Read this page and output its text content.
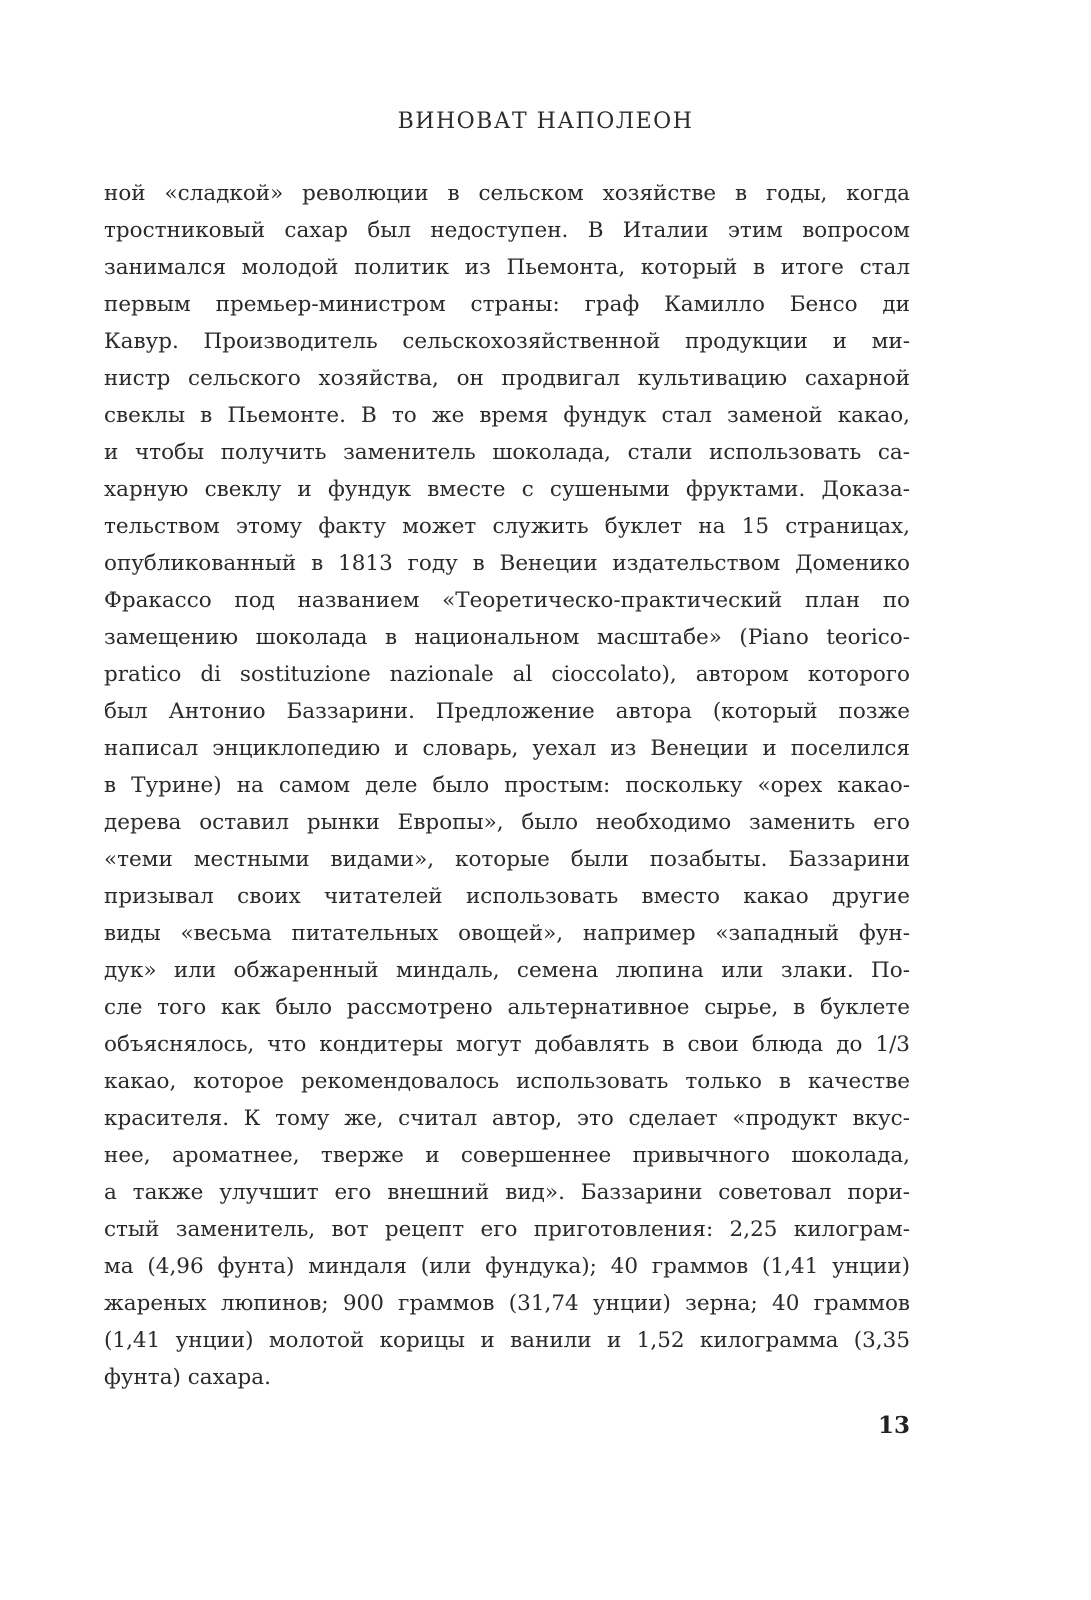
ВИНОВАТ НАПОЛЕОН
ной «сладкой» революции в сельском хозяйстве в годы, когда
тростниковый сахар был недоступен. В Италии этим вопросом
занимался молодой политик из Пьемонта, который в итоге стал
первым премьер-министром страны: граф Камилло Бенсо ди
Кавур. Производитель сельскохозяйственной продукции и ми-
нистр сельского хозяйства, он продвигал культивацию сахарной
свеклы в Пьемонте. В то же время фундук стал заменой какао,
и чтобы получить заменитель шоколада, стали использовать са-
харную свеклу и фундук вместе с сушеными фруктами. Доказа-
тельством этому факту может служить буклет на 15 страницах,
опубликованный в 1813 году в Венеции издательством Доменико
Фракассо под названием «Теоретическо-практический план по
замещению шоколада в национальном масштабе» (Piano teorico-
pratico di sostituzione nazionale al cioccolato), автором которого
был Антонио Баззарини. Предложение автора (который позже
написал энциклопедию и словарь, уехал из Венеции и поселился
в Турине) на самом деле было простым: поскольку «орех какао-
дерева оставил рынки Европы», было необходимо заменить его
«теми местными видами», которые были позабыты. Баззарини
призывал своих читателей использовать вместо какао другие
виды «весьма питательных овощей», например «западный фун-
дук» или обжаренный миндаль, семена люпина или злаки. По-
сле того как было рассмотрено альтернативное сырье, в буклете
объяснялось, что кондитеры могут добавлять в свои блюда до 1/3
какао, которое рекомендовалось использовать только в качестве
красителя. К тому же, считал автор, это сделает «продукт вкус-
нее, ароматнее, тверже и совершеннее привычного шоколада,
а также улучшит его внешний вид». Баззарини советовал пори-
стый заменитель, вот рецепт его приготовления: 2,25 килограм-
ма (4,96 фунта) миндаля (или фундука); 40 граммов (1,41 унции)
жареных люпинов; 900 граммов (31,74 унции) зерна; 40 граммов
(1,41 унции) молотой корицы и ванили и 1,52 килограмма (3,35
фунта) сахара.
13
